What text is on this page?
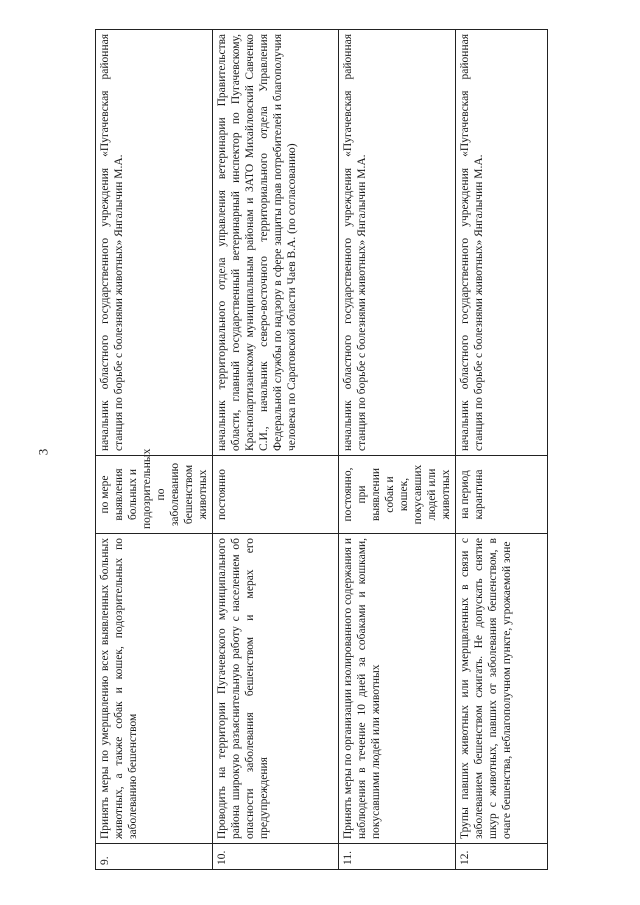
3
9.	Принять меры по умерщвлению всех выявленных больных животных, а также собак и кошек, подозрительных по заболеванию бешенством	по мере выявления больных и подозрительных по заболеванию бешенством животных	начальник областного государственного учреждения «Пугачевская районная станция по борьбе с болезнями животных» Янгалычин М.А.
10.	Проводить на территории Пугачевского муниципального района широкую разъяснительную работу с населением об опасности заболевания бешенством и мерах его предупреждения	постоянно	начальник территориального отдела управления ветеринарии Правительства области, главный государственный ветеринарный инспектор по Пугачевскому, Краснопартизанскому муниципальным районам и ЗАТО Михайловский Савченко С.И., начальник северо-восточного территориального отдела Управления Федеральной службы по надзору в сфере защиты прав потребителей и благополучия человека по Саратовской области Чаев В.А. (по согласованию)
11.	Принять меры по организации изолированного содержания и наблюдения в течение 10 дней за собаками и кошками, покусавшими людей или животных	постоянно, при выявлении собак и кошек, покусавших людей или животных	начальник областного государственного учреждения «Пугачевская районная станция по борьбе с болезнями животных» Янгалычин М.А.
12.	Трупы павших животных или умерщвленных в связи с заболеванием бешенством сжигать. Не допускать снятие шкур с животных, павших от заболевания бешенством, в очаге бешенства, неблагополучном пункте, угрожаемой зоне	на период карантина	начальник областного государственного учреждения «Пугачевская районная станция по борьбе с болезнями животных» Янгалычин М.А.
